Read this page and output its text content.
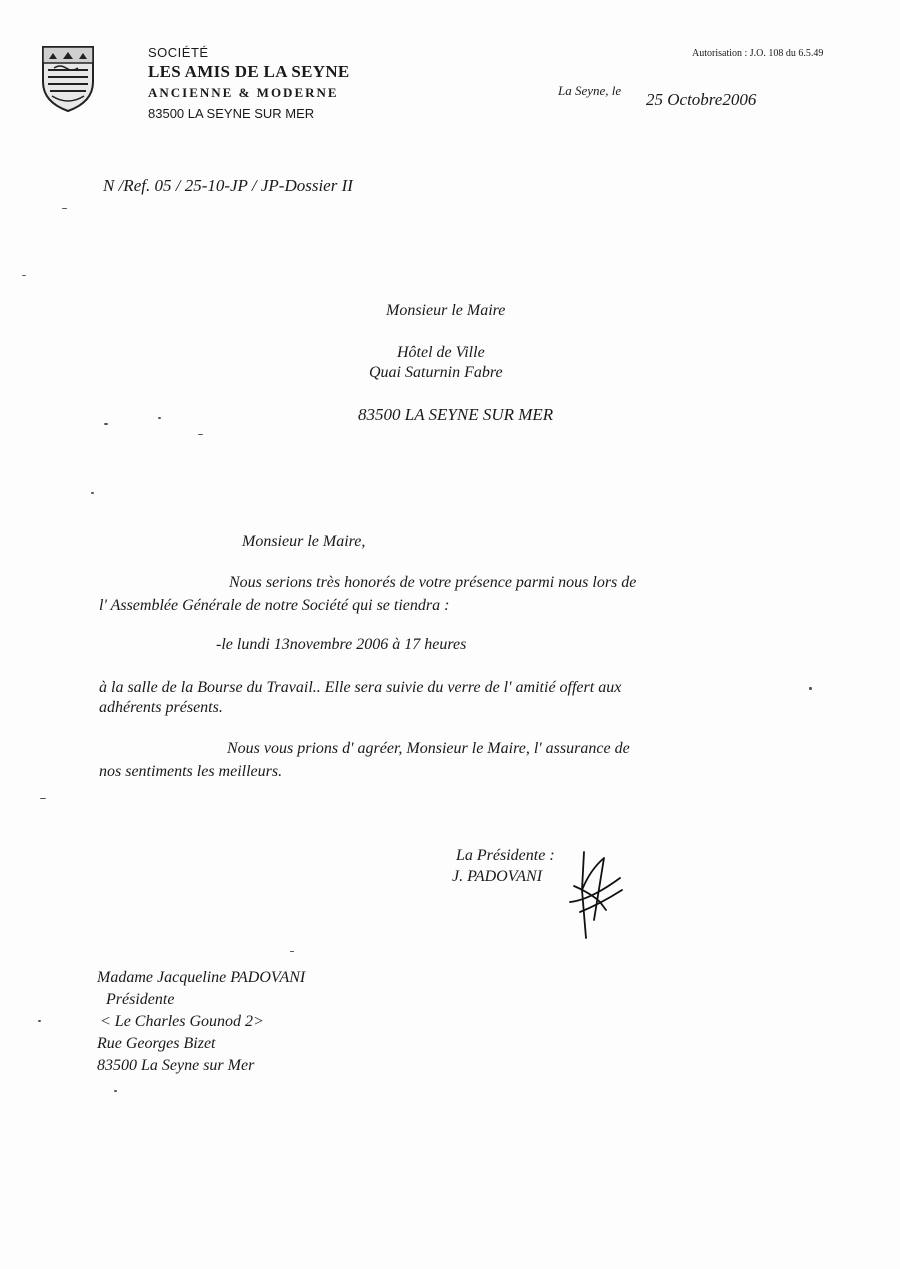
SOCIÉTÉ
LES AMIS DE LA SEYNE
ANCIENNE & MODERNE
83500 LA SEYNE SUR MER
Autorisation : J.O. 108 du 6.5.49
La Seyne, le 25 Octobre2006
N /Ref. 05 / 25-10-JP / JP-Dossier II
Monsieur le Maire
Hôtel de Ville
Quai Saturnin Fabre
83500 LA SEYNE SUR MER
Monsieur le Maire,
Nous serions très honorés de votre présence parmi nous lors de
l' Assemblée Générale de notre Société qui se tiendra :
-le lundi 13novembre 2006 à 17 heures
à la salle de la Bourse du Travail.. Elle sera suivie du verre de l' amitié offert aux
adhérents présents.
Nous vous prions d' agréer, Monsieur le Maire, l' assurance de
nos sentiments les meilleurs.
La Présidente :
J. PADOVANI
Madame Jacqueline PADOVANI
Présidente
< Le Charles Gounod 2>
Rue Georges Bizet
83500 La Seyne sur Mer
